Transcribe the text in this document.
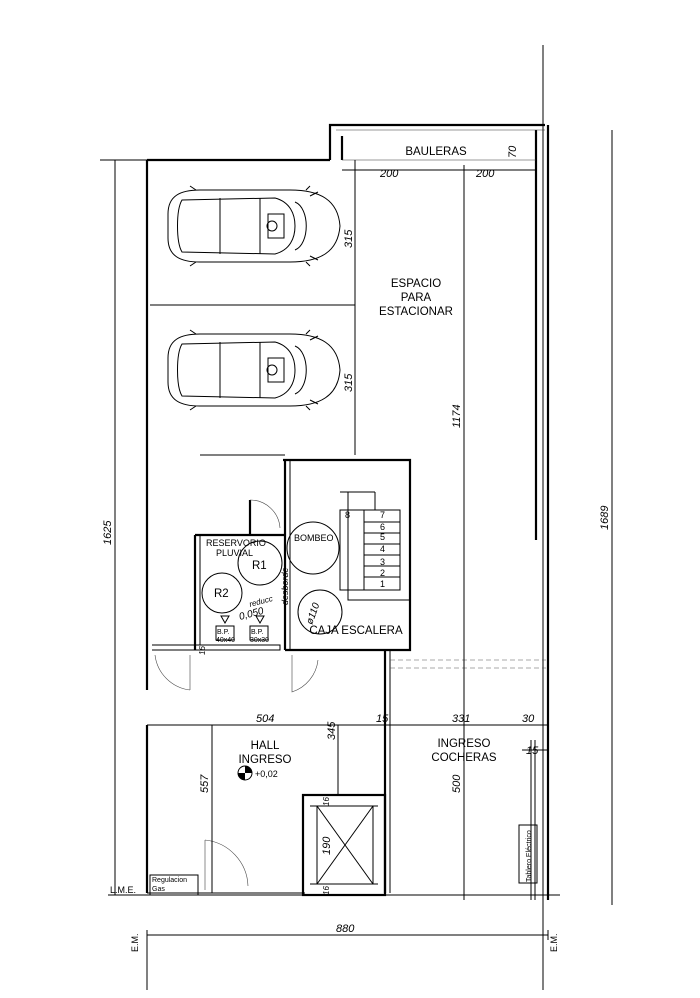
1
2
3
4
5
6
7
8
BAULERAS
ESPACIO
PARA
ESTACIONAR
RESERVORIO
PLUVIAL
R1
R2
BOMBEO
CAJA ESCALERA
HALL
INGRESO
+0,02
INGRESO
COCHERAS
Tablero Eléctrico
Regulacion
Gas
L.M.E.
E.M.	E.M.
reducc
0,050
desborde
ø110
B.P.
40x40
B.P.
30x30
70
200	200
315
315
1174
1689
1625
504
345
15	331	30
15
557	500
190
16
16
16
880
